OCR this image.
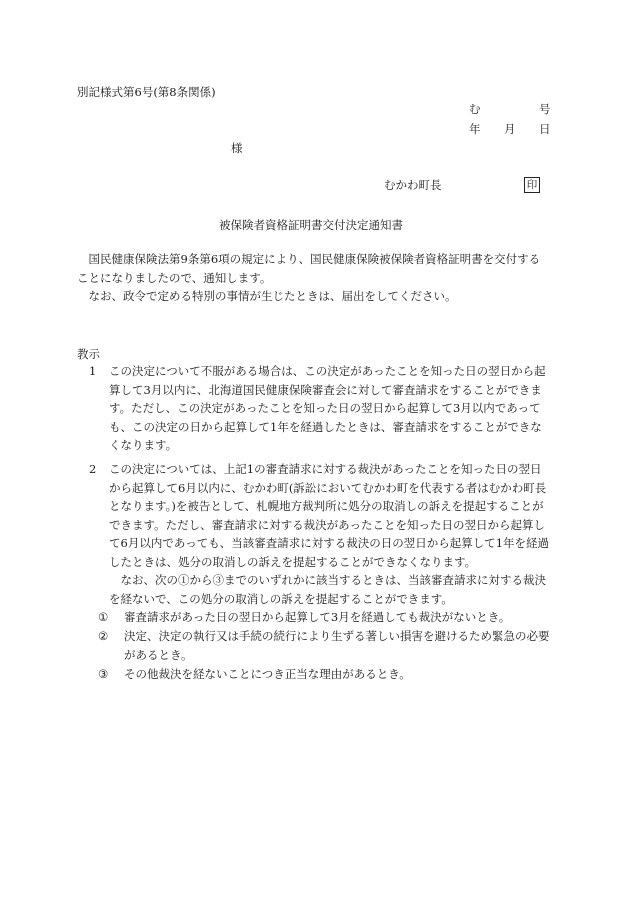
別記様式第6号(第8条関係)
む	号
年 月 日
様
むかわ町長	印
被保険者資格証明書交付決定通知書

国民健康保険法第9条第6項の規定により、国民健康保険被保険者資格証明書を交付することになりましたので、通知します。

なお、政令で定める特別の事情が生じたときは、届出をしてください。

教示
1 この決定について不服がある場合は、この決定があったことを知った日の翌日から起算して3月以内に、北海道国民健康保険審査会に対して審査請求をすることができます。ただし、この決定があったことを知った日の翌日から起算して3月以内であっても、この決定の日から起算して1年を経過したときは、審査請求をすることができなくなります。
2 この決定については、上記1の審査請求に対する裁決があったことを知った日の翌日から起算して6月以内に、むかわ町(訴訟においてむかわ町を代表する者はむかわ町長となります。)を被告として、札幌地方裁判所に処分の取消しの訴えを提起することができます。ただし、審査請求に対する裁決があったことを知った日の翌日から起算して6月以内であっても、当該審査請求に対する裁決の日の翌日から起算して1年を経過したときは、処分の取消しの訴えを提起することができなくなります。
なお、次の①から③までのいずれかに該当するときは、当該審査請求に対する裁決を経ないで、この処分の取消しの訴えを提起することができます。
① 審査請求があった日の翌日から起算して3月を経過しても裁決がないとき。
② 決定、決定の執行又は手続の続行により生ずる著しい損害を避けるため緊急の必要があるとき。
③ その他裁決を経ないことにつき正当な理由があるとき。
